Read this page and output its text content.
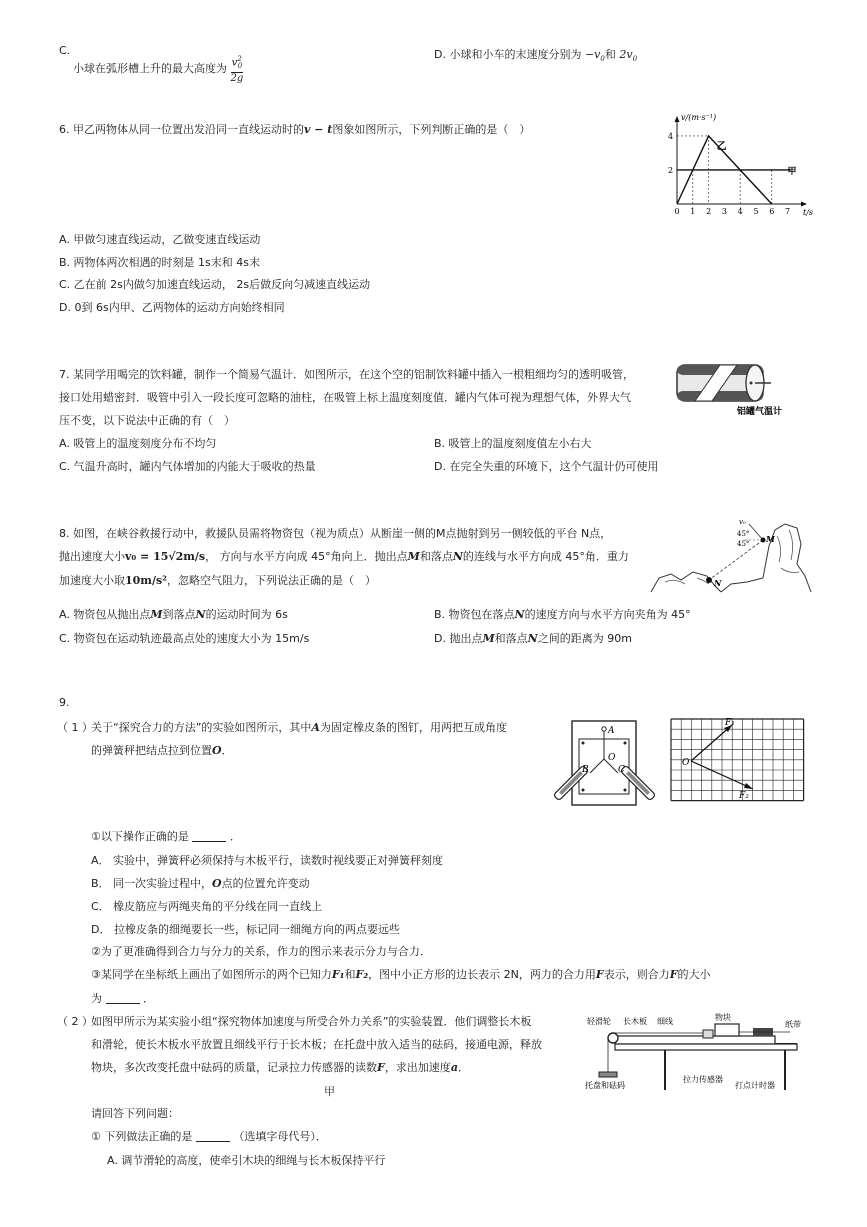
C.
小球在弧形槽上升的最大高度为 $\frac{v^2_0}{2g}$	D. 小球和小车的末速度分别为 $-v_0$和 $2v_0$
6. 甲乙两物体从同一位置出发沿同一直线运动时的v − t图象如图所示，下列判断正确的是（　）
v/(m·s⁻¹)
t/s
0 1 2 3 4 5 6 7
2
4
乙
甲
A. 甲做匀速直线运动，乙做变速直线运动
B. 两物体两次相遇的时刻是 1s末和 4s末
C. 乙在前 2s内做匀加速直线运动， 2s后做反向匀减速直线运动
D. 0到 6s内甲、乙两物体的运动方向始终相同
7. 某同学用喝完的饮料罐，制作一个简易气温计．如图所示，在这个空的铝制饮料罐中插入一根粗细均匀的透明吸管，
接口处用蜡密封．吸管中引入一段长度可忽略的油柱，在吸管上标上温度刻度值．罐内气体可视为理想气体，外界大气
压不变，以下说法中正确的有（　）
铝罐气温计
A. 吸管上的温度刻度分布不均匀	B. 吸管上的温度刻度值左小右大
C. 气温升高时，罐内气体增加的内能大于吸收的热量	D. 在完全失重的环境下，这个气温计仍可使用
8. 如图，在峡谷救援行动中，救援队员需将物资包（视为质点）从断崖一侧的M点抛射到另一侧较低的平台 N点，
抛出速度大小v₀ = 15√2m/s， 方向与水平方向成 45°角向上．抛出点M和落点N的连线与水平方向成 45°角．重力
加速度大小取10m/s²，忽略空气阻力，下列说法正确的是（　）
v₀
45°
45° M
N
A. 物资包从抛出点M到落点N的运动时间为 6s	B. 物资包在落点N的速度方向与水平方向夹角为 45°
C. 物资包在运动轨迹最高点处的速度大小为 15m/s	D. 抛出点M和落点N之间的距离为 90m
9.
（ 1 ）
关于“探究合力的方法”的实验如图所示，其中A为固定橡皮条的图钉，用两把互成角度
的弹簧秤把结点拉到位置O．
A
O
B	C
O
F₁
F₂
①以下操作正确的是	．
A． 实验中，弹簧秤必须保持与木板平行，读数时视线要正对弹簧秤刻度
B． 同一次实验过程中，O点的位置允许变动
C． 橡皮筋应与两绳夹角的平分线在同一直线上
D． 拉橡皮条的细绳要长一些，标记同一细绳方向的两点要远些
②为了更准确得到合力与分力的关系，作力的图示来表示分力与合力．
③某同学在坐标纸上画出了如图所示的两个已知力F₁和F₂，图中小正方形的边长表示 2N，两力的合力用F表示，则合力F的大小
为	．
（ 2 ）
如图甲所示为某实验小组“探究物体加速度与所受合外力关系”的实验装置．他们调整长木板
和滑轮，使长木板水平放置且细线平行于长木板；在托盘中放入适当的砝码，接通电源，释放
物块，多次改变托盘中砝码的质量，记录拉力传感器的读数F，求出加速度a．
甲
轻滑轮 长木板 细线	物块
纸带
托盘和砝码
拉力传感器
打点计时器
请回答下列问题：
① 下列做法正确的是	（选填字母代号）．
A. 调节滑轮的高度，使牵引木块的细绳与长木板保持平行
